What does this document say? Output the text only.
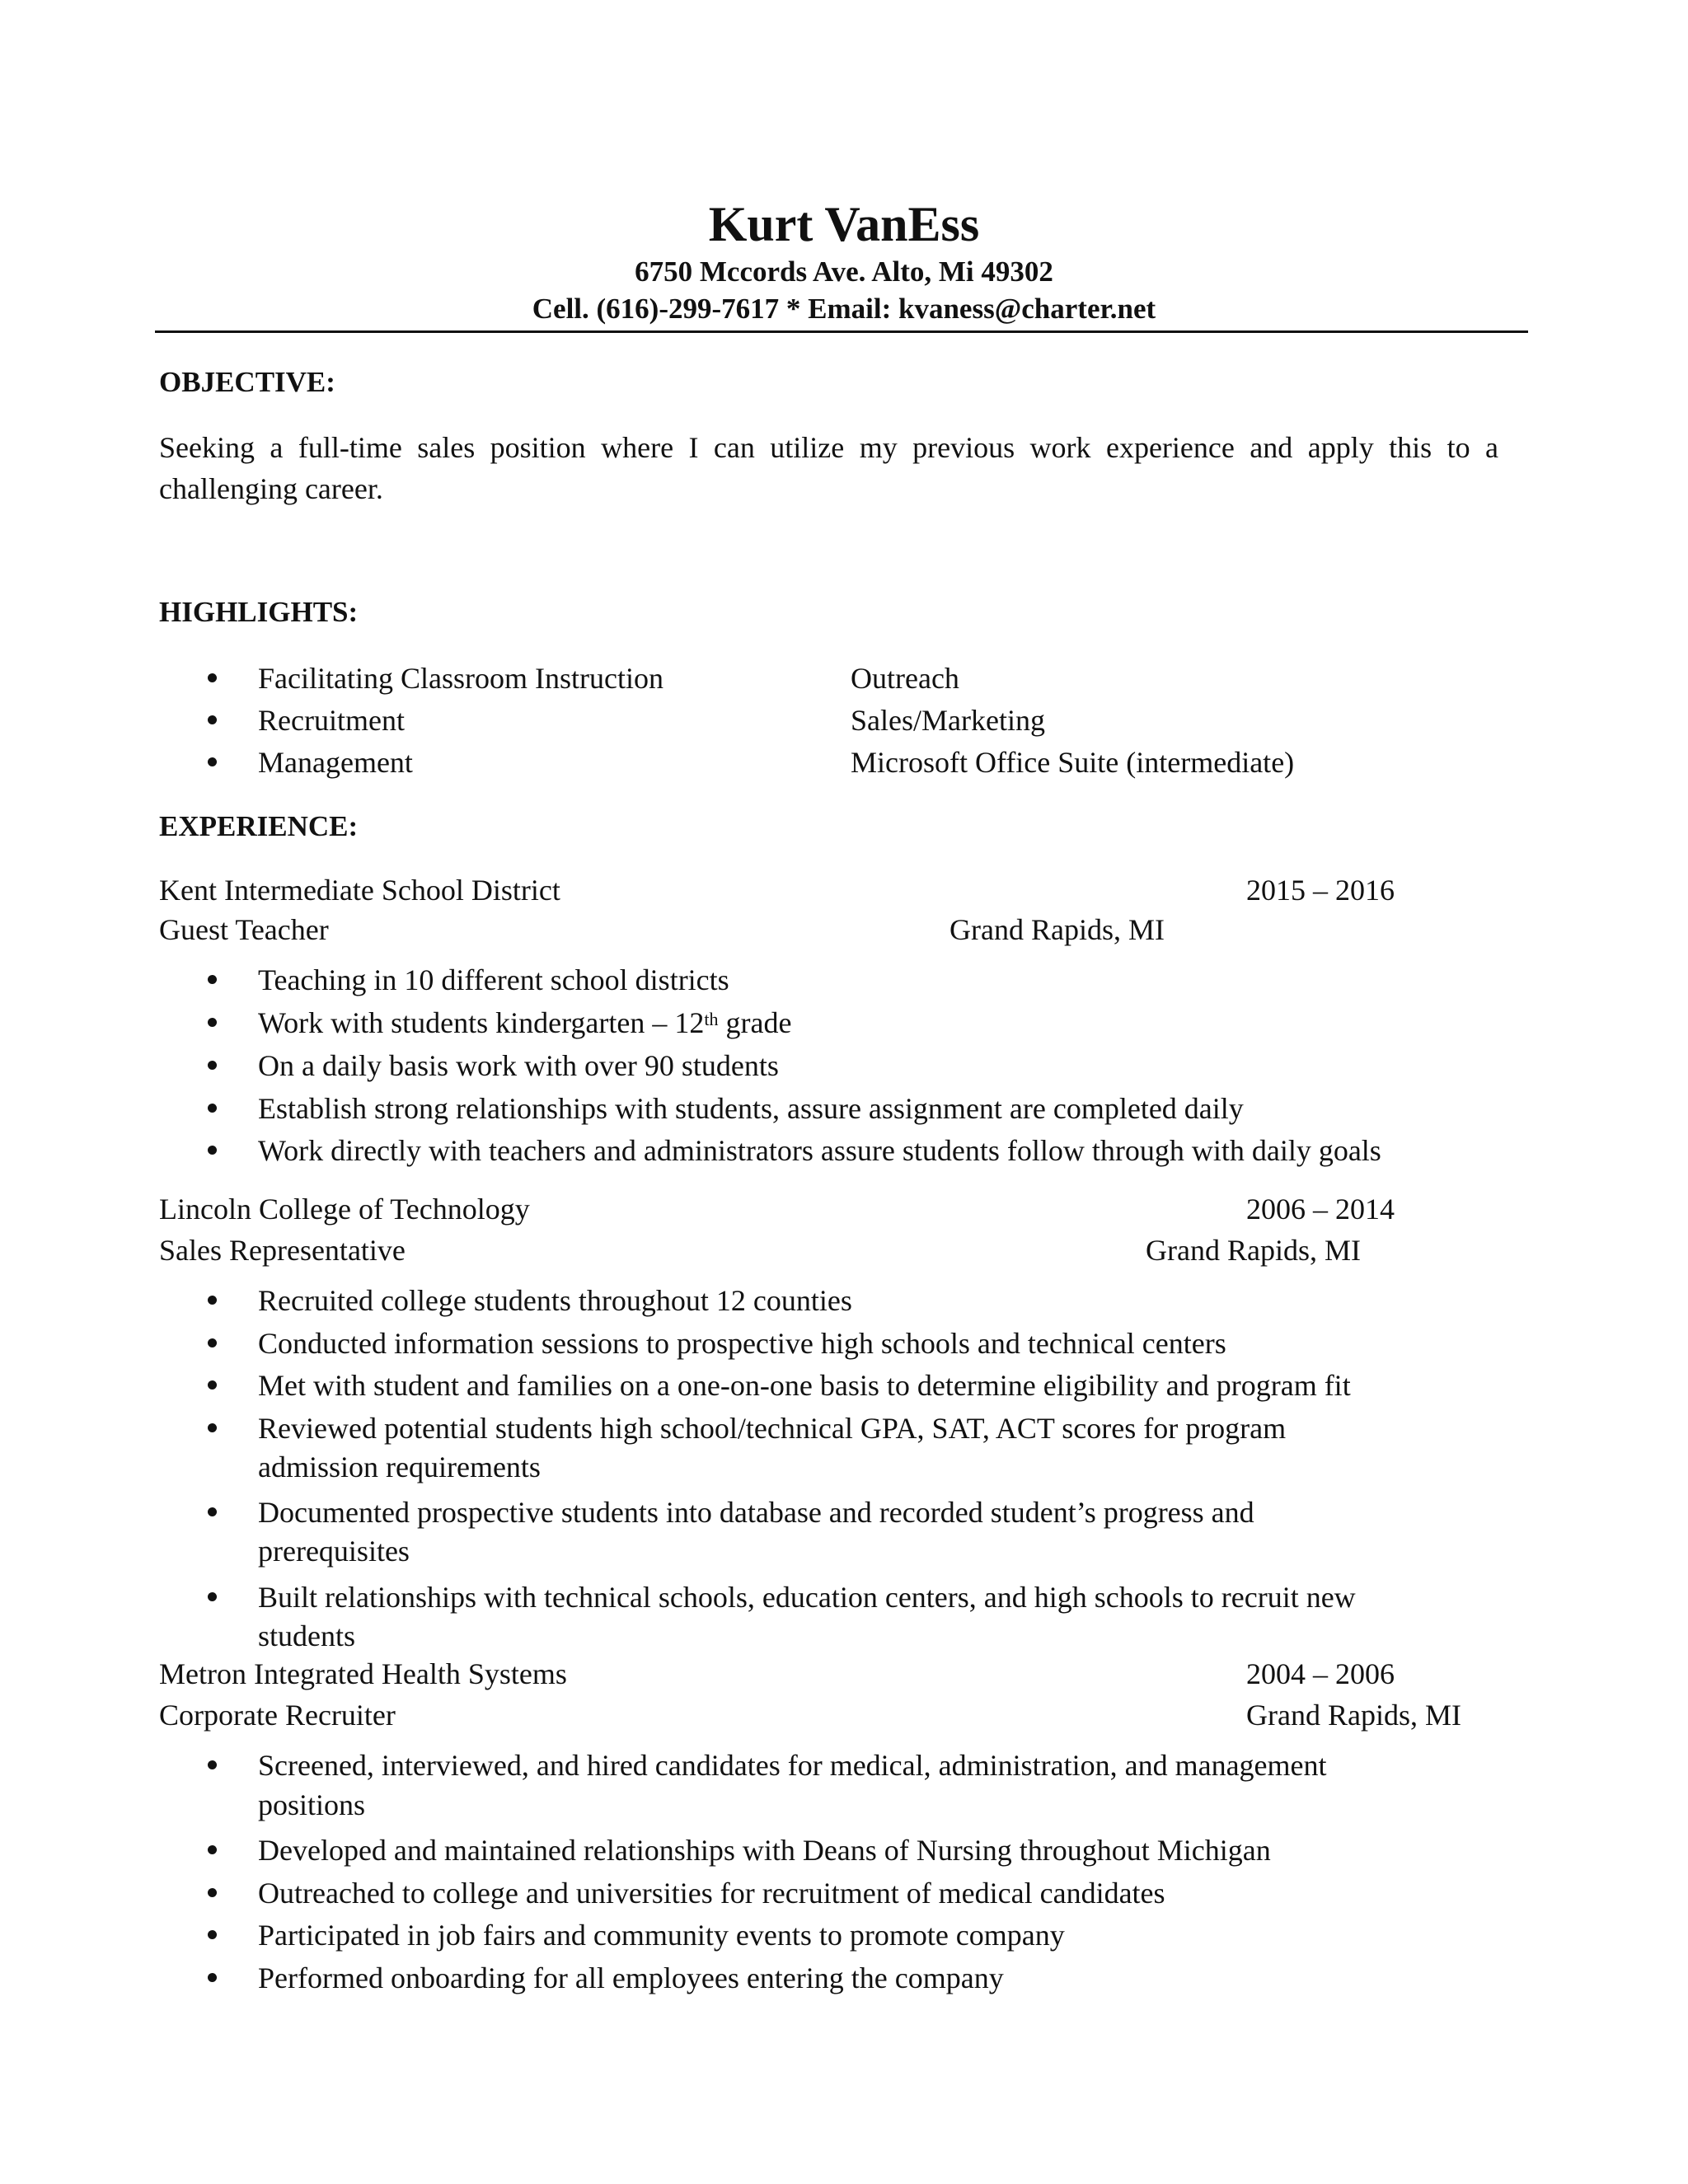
Kurt VanEss
6750 Mccords Ave. Alto, Mi 49302
Cell. (616)-299-7617 * Email: kvaness@charter.net
OBJECTIVE:
Seeking a full-time sales position where I can utilize my previous work experience and apply this to a challenging career.
HIGHLIGHTS:
Facilitating Classroom Instruction	Outreach
Recruitment	Sales/Marketing
Management	Microsoft Office Suite (intermediate)
EXPERIENCE:
Kent Intermediate School District	2015 – 2016
Guest Teacher	Grand Rapids, MI
Teaching in 10 different school districts
Work with students kindergarten – 12th grade
On a daily basis work with over 90 students
Establish strong relationships with students, assure assignment are completed daily
Work directly with teachers and administrators assure students follow through with daily goals
Lincoln College of Technology	2006 – 2014
Sales Representative	Grand Rapids, MI
Recruited college students throughout 12 counties
Conducted information sessions to prospective high schools and technical centers
Met with student and families on a one-on-one basis to determine eligibility and program fit
Reviewed potential students high school/technical GPA, SAT, ACT scores for program
admission requirements
Documented prospective students into database and recorded student’s progress and
prerequisites
Built relationships with technical schools, education centers, and high schools to recruit new
students
Metron Integrated Health Systems	2004 – 2006
Corporate Recruiter	Grand Rapids, MI
Screened, interviewed, and hired candidates for medical, administration, and management
positions
Developed and maintained relationships with Deans of Nursing throughout Michigan
Outreached to college and universities for recruitment of medical candidates
Participated in job fairs and community events to promote company
Performed onboarding for all employees entering the company
